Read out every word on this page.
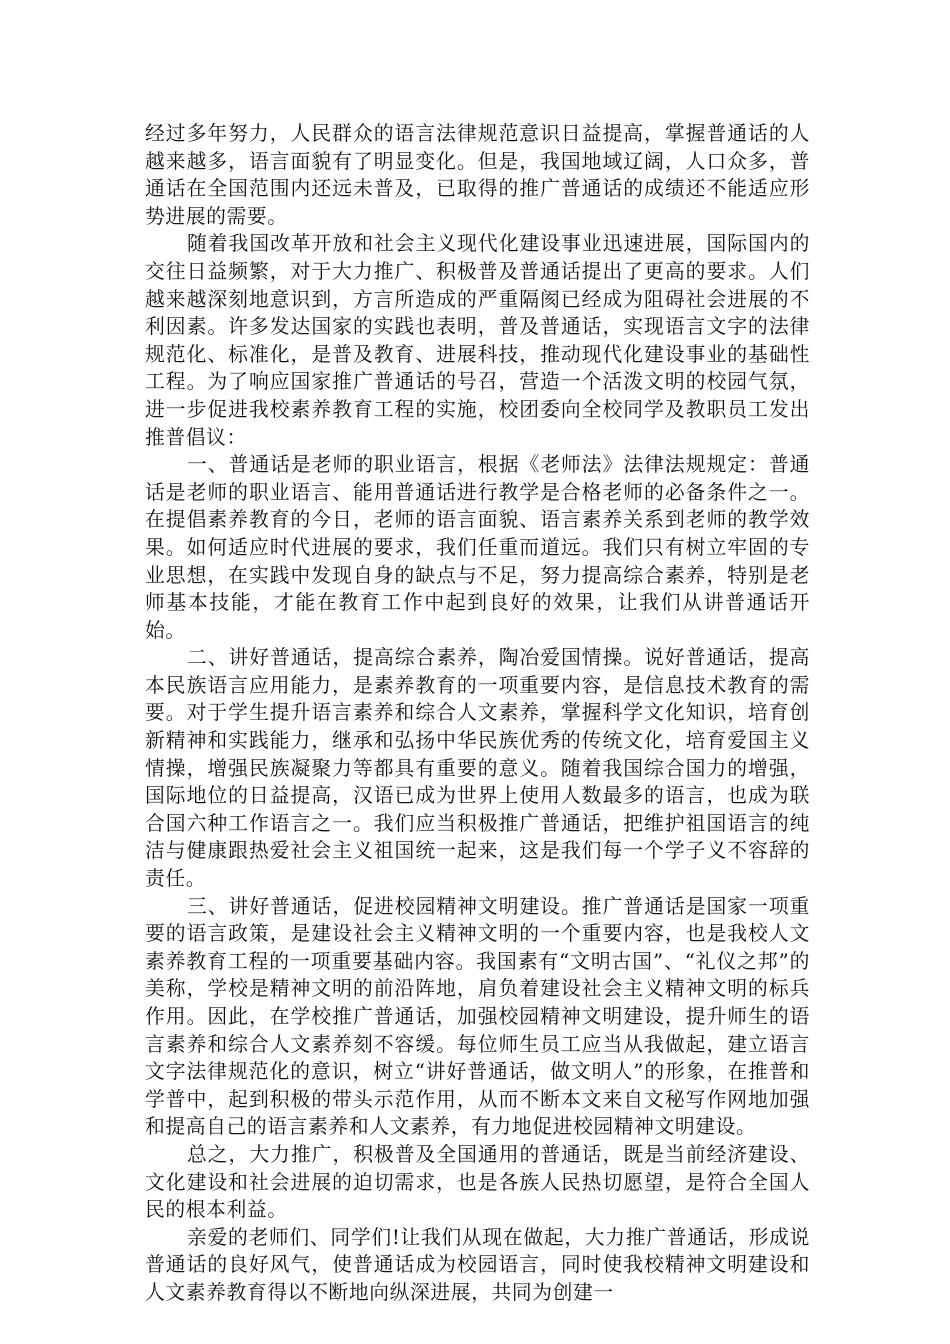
经过多年努力，人民群众的语言法律规范意识日益提高，掌握普通话的人越来越多，语言面貌有了明显变化。但是，我国地域辽阔，人口众多，普通话在全国范围内还远未普及，已取得的推广普通话的成绩还不能适应形势进展的需要。

随着我国改革开放和社会主义现代化建设事业迅速进展，国际国内的交往日益频繁，对于大力推广、积极普及普通话提出了更高的要求。人们越来越深刻地意识到，方言所造成的严重隔阂已经成为阻碍社会进展的不利因素。许多发达国家的实践也表明，普及普通话，实现语言文字的法律规范化、标准化，是普及教育、进展科技，推动现代化建设事业的基础性工程。为了响应国家推广普通话的号召，营造一个活泼文明的校园气氛，进一步促进我校素养教育工程的实施，校团委向全校同学及教职员工发出推普倡议：

一、普通话是老师的职业语言，根据《老师法》法律法规规定：普通话是老师的职业语言、能用普通话进行教学是合格老师的必备条件之一。在提倡素养教育的今日，老师的语言面貌、语言素养关系到老师的教学效果。如何适应时代进展的要求，我们任重而道远。我们只有树立牢固的专业思想，在实践中发现自身的缺点与不足，努力提高综合素养，特别是老师基本技能，才能在教育工作中起到良好的效果，让我们从讲普通话开始。

二、讲好普通话，提高综合素养，陶冶爱国情操。说好普通话，提高本民族语言应用能力，是素养教育的一项重要内容，是信息技术教育的需要。对于学生提升语言素养和综合人文素养，掌握科学文化知识，培育创新精神和实践能力，继承和弘扬中华民族优秀的传统文化，培育爱国主义情操，增强民族凝聚力等都具有重要的意义。随着我国综合国力的增强，国际地位的日益提高，汉语已成为世界上使用人数最多的语言，也成为联合国六种工作语言之一。我们应当积极推广普通话，把维护祖国语言的纯洁与健康跟热爱社会主义祖国统一起来，这是我们每一个学子义不容辞的责任。

三、讲好普通话，促进校园精神文明建设。推广普通话是国家一项重要的语言政策，是建设社会主义精神文明的一个重要内容，也是我校人文素养教育工程的一项重要基础内容。我国素有“文明古国”、“礼仪之邦”的美称，学校是精神文明的前沿阵地，肩负着建设社会主义精神文明的标兵作用。因此，在学校推广普通话，加强校园精神文明建设，提升师生的语言素养和综合人文素养刻不容缓。每位师生员工应当从我做起，建立语言文字法律规范化的意识，树立“讲好普通话，做文明人”的形象，在推普和学普中，起到积极的带头示范作用，从而不断本文来自文秘写作网地加强和提高自己的语言素养和人文素养，有力地促进校园精神文明建设。

总之，大力推广，积极普及全国通用的普通话，既是当前经济建设、文化建设和社会进展的迫切需求，也是各族人民热切愿望，是符合全国人民的根本利益。

亲爱的老师们、同学们!让我们从现在做起，大力推广普通话，形成说普通话的良好风气，使普通话成为校园语言，同时使我校精神文明建设和人文素养教育得以不断地向纵深进展，共同为创建一
